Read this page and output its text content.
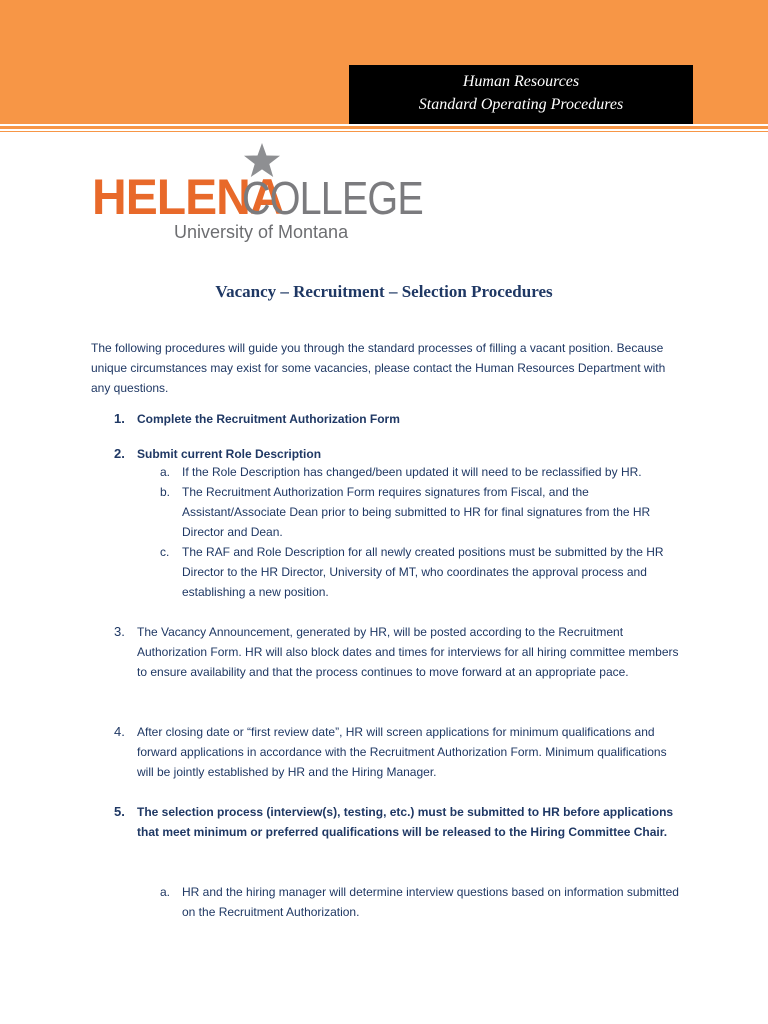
Human Resources
Standard Operating Procedures
HELENA
COLLEGE
University of Montana
Vacancy – Recruitment – Selection Procedures
The following procedures will guide you through the standard processes of filling a vacant position. Because unique circumstances may exist for some vacancies, please contact the Human Resources Department with any questions.
1.	Complete the Recruitment Authorization Form
2.	Submit current Role Description
a. If the Role Description has changed/been updated it will need to be reclassified by HR.
b. The Recruitment Authorization Form requires signatures from Fiscal, and the Assistant/Associate Dean prior to being submitted to HR for final signatures from the HR Director and Dean.
c.	The RAF and Role Description for all newly created positions must be submitted by the HR Director to the HR Director, University of MT, who coordinates the approval process and establishing a new position.
3.	The Vacancy Announcement, generated by HR, will be posted according to the Recruitment Authorization Form. HR will also block dates and times for interviews for all hiring committee members to ensure availability and that the process continues to move forward at an appropriate pace.
4.	After closing date or “first review date”, HR will screen applications for minimum qualifications and forward applications in accordance with the Recruitment Authorization Form. Minimum qualifications will be jointly established by HR and the Hiring Manager.
5.	The selection process (interview(s), testing, etc.) must be submitted to HR before applications that meet minimum or preferred qualifications will be released to the Hiring Committee Chair.
a. HR and the hiring manager will determine interview questions based on information submitted on the Recruitment Authorization.
